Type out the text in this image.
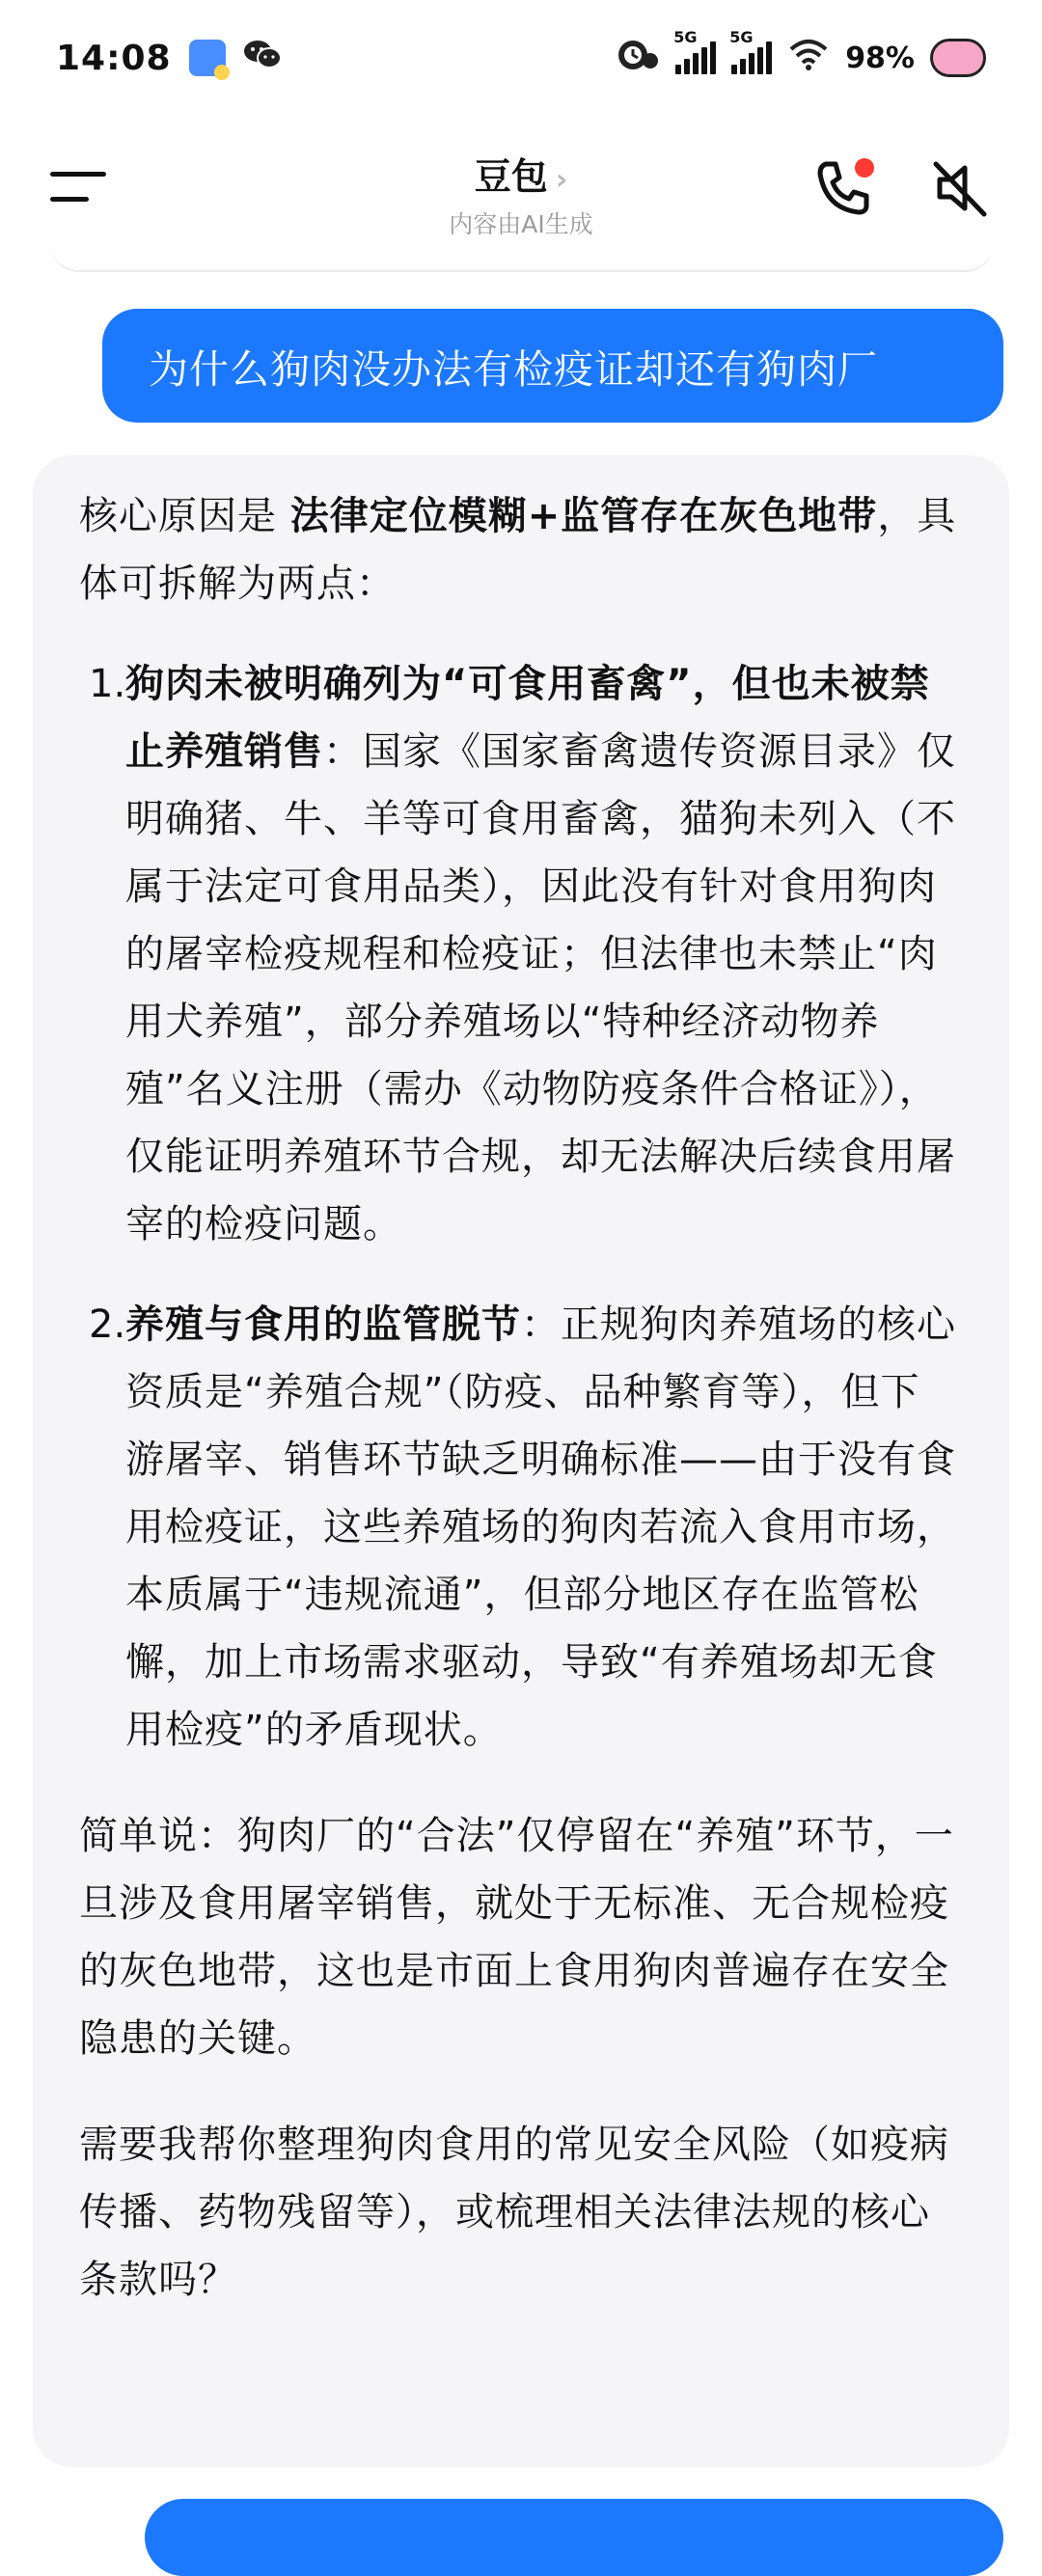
14:08
5G 5G
98%
豆包 ›
内容由AI生成
为什么狗肉没办法有检疫证却还有狗肉厂

核心原因是 法律定位模糊+监管存在灰色地带，具体可拆解为两点：

1. 狗肉未被明确列为“可食用畜禽”，但也未被禁止养殖销售：国家《国家畜禽遗传资源目录》仅明确猪、牛、羊等可食用畜禽，猫狗未列入（不属于法定可食用品类），因此没有针对食用狗肉的屠宰检疫规程和检疫证；但法律也未禁止“肉用犬养殖”，部分养殖场以“特种经济动物养殖”名义注册（需办《动物防疫条件合格证》），仅能证明养殖环节合规，却无法解决后续食用屠宰的检疫问题。
2. 养殖与食用的监管脱节：正规狗肉养殖场的核心资质是“养殖合规”（防疫、品种繁育等），但下游屠宰、销售环节缺乏明确标准——由于没有食用检疫证，这些养殖场的狗肉若流入食用市场，本质属于“违规流通”，但部分地区存在监管松懈，加上市场需求驱动，导致“有养殖场却无食用检疫”的矛盾现状。

简单说：狗肉厂的“合法”仅停留在“养殖”环节，一旦涉及食用屠宰销售，就处于无标准、无合规检疫的灰色地带，这也是市面上食用狗肉普遍存在安全隐患的关键。

需要我帮你整理狗肉食用的常见安全风险（如疫病传播、药物残留等），或梳理相关法律法规的核心条款吗？
